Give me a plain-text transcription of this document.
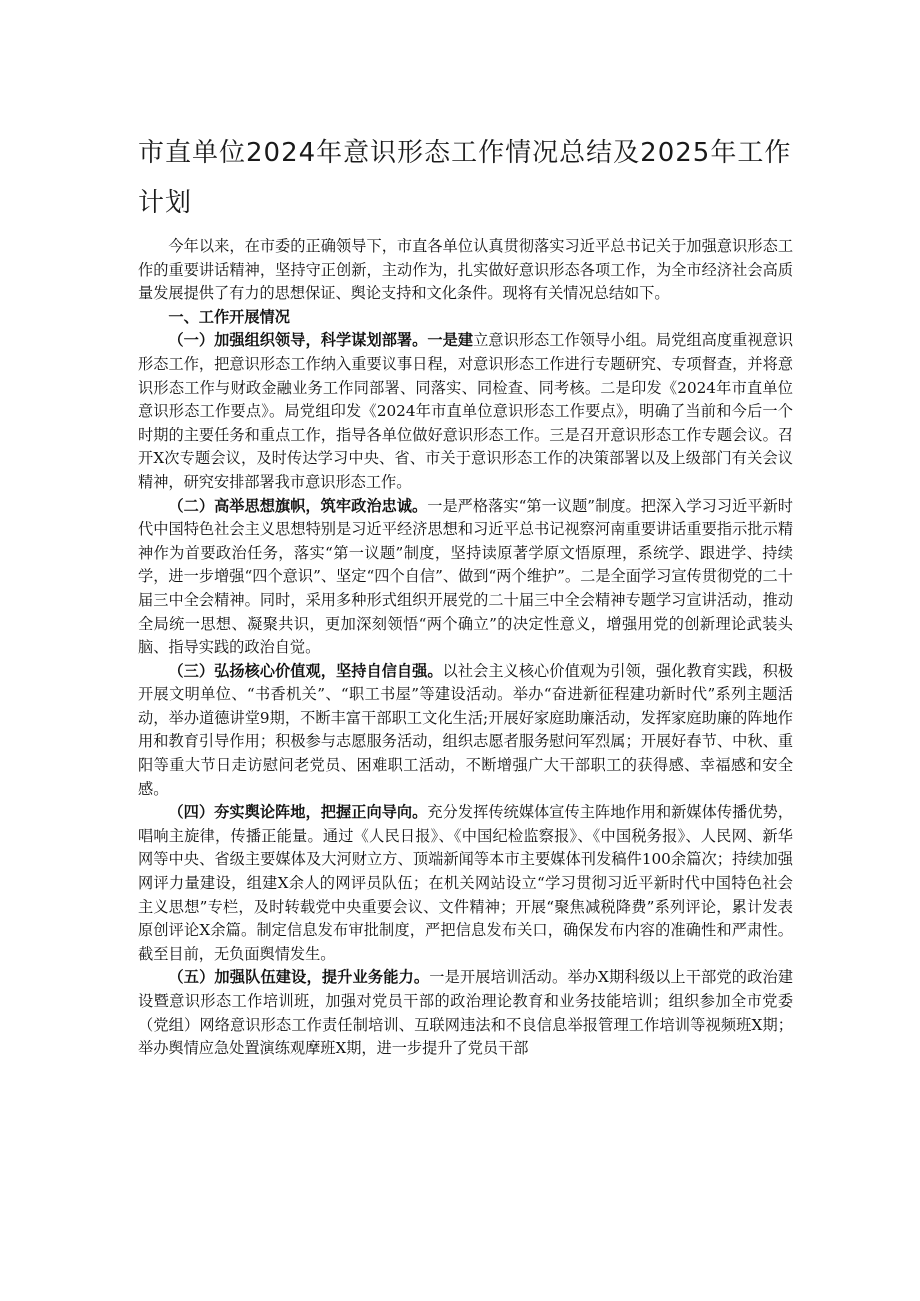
市直单位2024年意识形态工作情况总结及2025年工作计划

今年以来，在市委的正确领导下，市直各单位认真贯彻落实习近平总书记关于加强意识形态工作的重要讲话精神，坚持守正创新，主动作为，扎实做好意识形态各项工作，为全市经济社会高质量发展提供了有力的思想保证、舆论支持和文化条件。现将有关情况总结如下。

一、工作开展情况

（一）加强组织领导，科学谋划部署。一是建立意识形态工作领导小组。局党组高度重视意识形态工作，把意识形态工作纳入重要议事日程，对意识形态工作进行专题研究、专项督查，并将意识形态工作与财政金融业务工作同部署、同落实、同检查、同考核。二是印发《2024年市直单位意识形态工作要点》。局党组印发《2024年市直单位意识形态工作要点》，明确了当前和今后一个时期的主要任务和重点工作，指导各单位做好意识形态工作。三是召开意识形态工作专题会议。召开X次专题会议，及时传达学习中央、省、市关于意识形态工作的决策部署以及上级部门有关会议精神，研究安排部署我市意识形态工作。

（二）高举思想旗帜，筑牢政治忠诚。一是严格落实“第一议题”制度。把深入学习习近平新时代中国特色社会主义思想特别是习近平经济思想和习近平总书记视察河南重要讲话重要指示批示精神作为首要政治任务，落实“第一议题”制度，坚持读原著学原文悟原理，系统学、跟进学、持续学，进一步增强“四个意识”、坚定“四个自信”、做到“两个维护”。二是全面学习宣传贯彻党的二十届三中全会精神。同时，采用多种形式组织开展党的二十届三中全会精神专题学习宣讲活动，推动全局统一思想、凝聚共识，更加深刻领悟“两个确立”的决定性意义，增强用党的创新理论武装头脑、指导实践的政治自觉。

（三）弘扬核心价值观，坚持自信自强。以社会主义核心价值观为引领，强化教育实践，积极开展文明单位、“书香机关”、“职工书屋”等建设活动。举办“奋进新征程建功新时代”系列主题活动，举办道德讲堂9期，不断丰富干部职工文化生活;开展好家庭助廉活动，发挥家庭助廉的阵地作用和教育引导作用；积极参与志愿服务活动，组织志愿者服务慰问军烈属；开展好春节、中秋、重阳等重大节日走访慰问老党员、困难职工活动，不断增强广大干部职工的获得感、幸福感和安全感。

（四）夯实舆论阵地，把握正向导向。充分发挥传统媒体宣传主阵地作用和新媒体传播优势，唱响主旋律，传播正能量。通过《人民日报》、《中国纪检监察报》、《中国税务报》、人民网、新华网等中央、省级主要媒体及大河财立方、顶端新闻等本市主要媒体刊发稿件100余篇次；持续加强网评力量建设，组建X余人的网评员队伍；在机关网站设立“学习贯彻习近平新时代中国特色社会主义思想”专栏，及时转载党中央重要会议、文件精神；开展“聚焦减税降费”系列评论，累计发表原创评论X余篇。制定信息发布审批制度，严把信息发布关口，确保发布内容的准确性和严肃性。截至目前，无负面舆情发生。

（五）加强队伍建设，提升业务能力。一是开展培训活动。举办X期科级以上干部党的政治建设暨意识形态工作培训班，加强对党员干部的政治理论教育和业务技能培训；组织参加全市党委（党组）网络意识形态工作责任制培训、互联网违法和不良信息举报管理工作培训等视频班X期；举办舆情应急处置演练观摩班X期，进一步提升了党员干部
